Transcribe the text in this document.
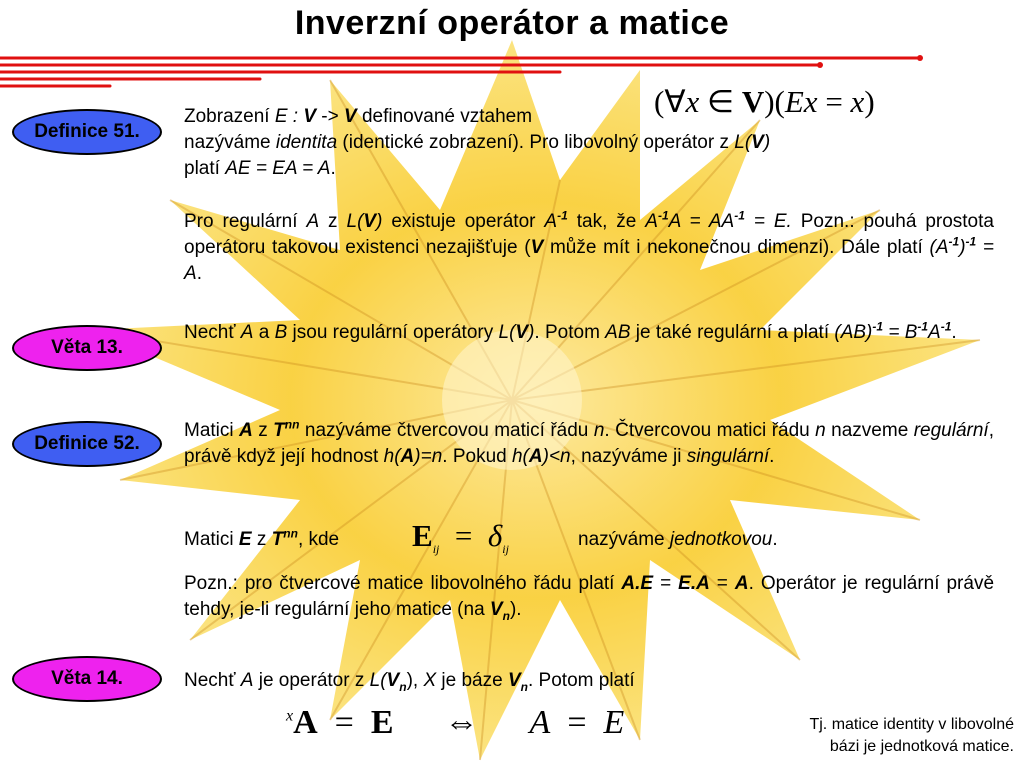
Inverzní operátor a matice
Definice 51.
Věta 13.
Definice 52.
Věta 14.
Zobrazení E : V -> V definované vztahem
nazýváme identita (identické zobrazení). Pro libovolný operátor z L(V)
platí AE = EA = A.
(∀x ∈ V)(Ex = x)
Pro regulární A z L(V) existuje operátor $A^{-1}$ tak, že $A^{-1}A = AA^{-1} = E$. Pozn.: pouhá prostota operátoru takovou existenci nezajišťuje (V může mít i nekonečnou dimenzi). Dále platí $(A^{-1})^{-1} = A$.
Nechť A a B jsou regulární operátory L(V). Potom AB je také regulární a platí $(AB)^{-1} = B^{-1}A^{-1}$.
Matici A z $T^{nn}$ nazýváme čtvercovou maticí řádu n. Čtvercovou matici řádu n nazveme regulární, právě když její hodnost h(A)=n. Pokud h(A)<n, nazýváme ji singulární.
Matici E z $T^{nn}$, kde	$E_{ij} = \delta_{ij}$	nazýváme jednotkovou.
Pozn.: pro čtvercové matice libovolného řádu platí A.E = E.A = A. Operátor je regulární právě tehdy, je-li regulární jeho matice (na $V_n$).
Nechť A je operátor z $L(V_n)$, X je báze $V_n$. Potom platí
$^x$A  =  E      ⇔      A  =  E	Tj. matice identity v libovolné
bázi je jednotková matice.
